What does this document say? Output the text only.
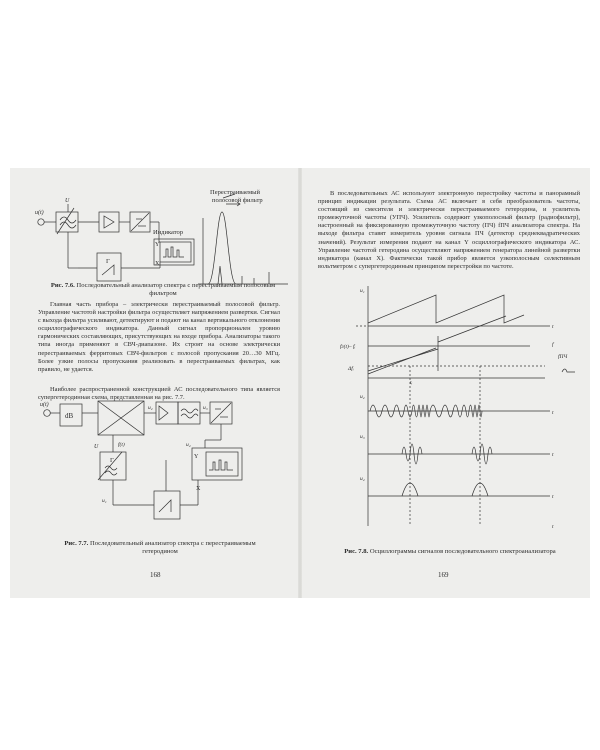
Перестраиваемый
полосовой фильтр
Индикатор
u(t)
U
Г
Y
X

Рис. 7.6. Последовательный анализатор спектра с перестраиваемым полосовым фильтром

Главная часть прибора – электрически перестраиваемый полосовой фильтр. Управление частотой настройки фильтра осуществляет напряжением развертки. Сигнал с выхода фильтра усиливают, детектируют и подают на канал вертикального отклонения осциллографического индикатора. Данный сигнал пропорционален уровню гармонических составляющих, присутствующих на входе прибора. Анализаторы такого типа иногда применяют в СВЧ-диапазоне. Их строят на основе электрически перестраиваемых ферритовых СВЧ-фильтров с полосой пропускания 20…30 МГц. Более узкие полосы пропускания реализовать в перестраиваемых фильтрах, как правило, не удается.

Наиболее распространенной конструкцией АС последовательного типа является супергетеродинная схема, представленная на рис. 7.7.

u(t)
dB
u₂	u₃
u₄
f(t)
U
Г
u₁
Y
X

Рис. 7.7. Последовательный анализатор спектра с перестраиваемым гетеродином

168

В последовательных АС используют электронную перестройку частоты и панорамный принцип индикации результата. Схема АС включает в себя преобразователь частоты, состоящий из смесителя и электрически перестраиваемого гетеродина, и усилитель промежуточной частоты (УПЧ). Усилитель содержит узкополосный фильтр (радиофильтр), настроенный на фиксированную промежуточную частоту (ПЧ) fПЧ анализатора спектра. На выходе фильтра ставят измеритель уровня сигнала ПЧ (детектор среднеквадратических значений). Результат измерения подают на канал Y осциллографического индикатора АС. Управление частотой гетеродина осуществляют напряжением генератора линейной развертки индикатора (канал X). Фактически такой прибор является узкополосным селективным вольтметром с супергетеродинным принципом перестройки по частоте.

u₁
t
f
fг(t)– fᵢ
Δfᵢ
fПЧ
tᵢ
u₂
t
u₃
t
u₄
t
t

Рис. 7.8. Осциллограммы сигналов последовательного спектроанализатора

169
